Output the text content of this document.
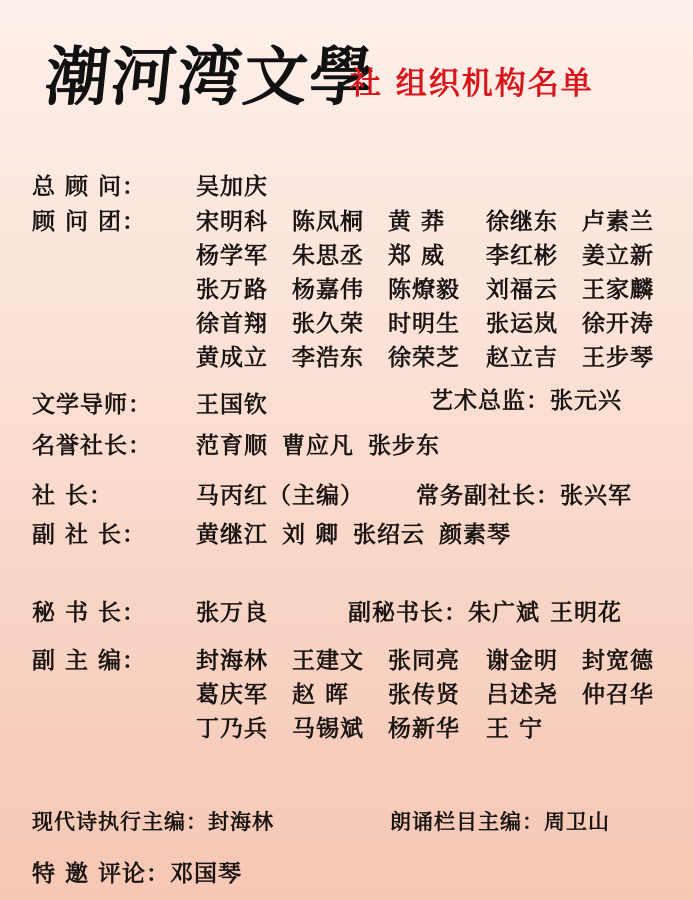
潮河湾文學
社 组织机构名单
总 顾 问： 吴加庆
顾 问 团： 宋明科 陈凤桐 黄 莽 徐继东 卢素兰
杨学军 朱思丞 郑 威 李红彬 姜立新
张万路 杨嘉伟 陈燎毅 刘福云 王家麟
徐首翔 张久荣 时明生 张运岚 徐开涛
黄成立 李浩东 徐荣芝 赵立吉 王步琴
文学导师： 王国钦	艺术总监：张元兴
名誉社长： 范育顺 曹应凡 张步东
社 长：	马丙红（主编）	常务副社长：张兴军
副 社 长： 黄继江 刘 卿 张绍云 颜素琴
秘 书 长： 张万良	副秘书长：朱广斌 王明花
副 主 编： 封海林 王建文 张同亮 谢金明 封宽德
葛庆军 赵 晖 张传贤 吕述尧 仲召华
丁乃兵 马锡斌 杨新华 王 宁
现代诗执行主编：封海林	朗诵栏目主编：周卫山
特 邀 评论：邓国琴
